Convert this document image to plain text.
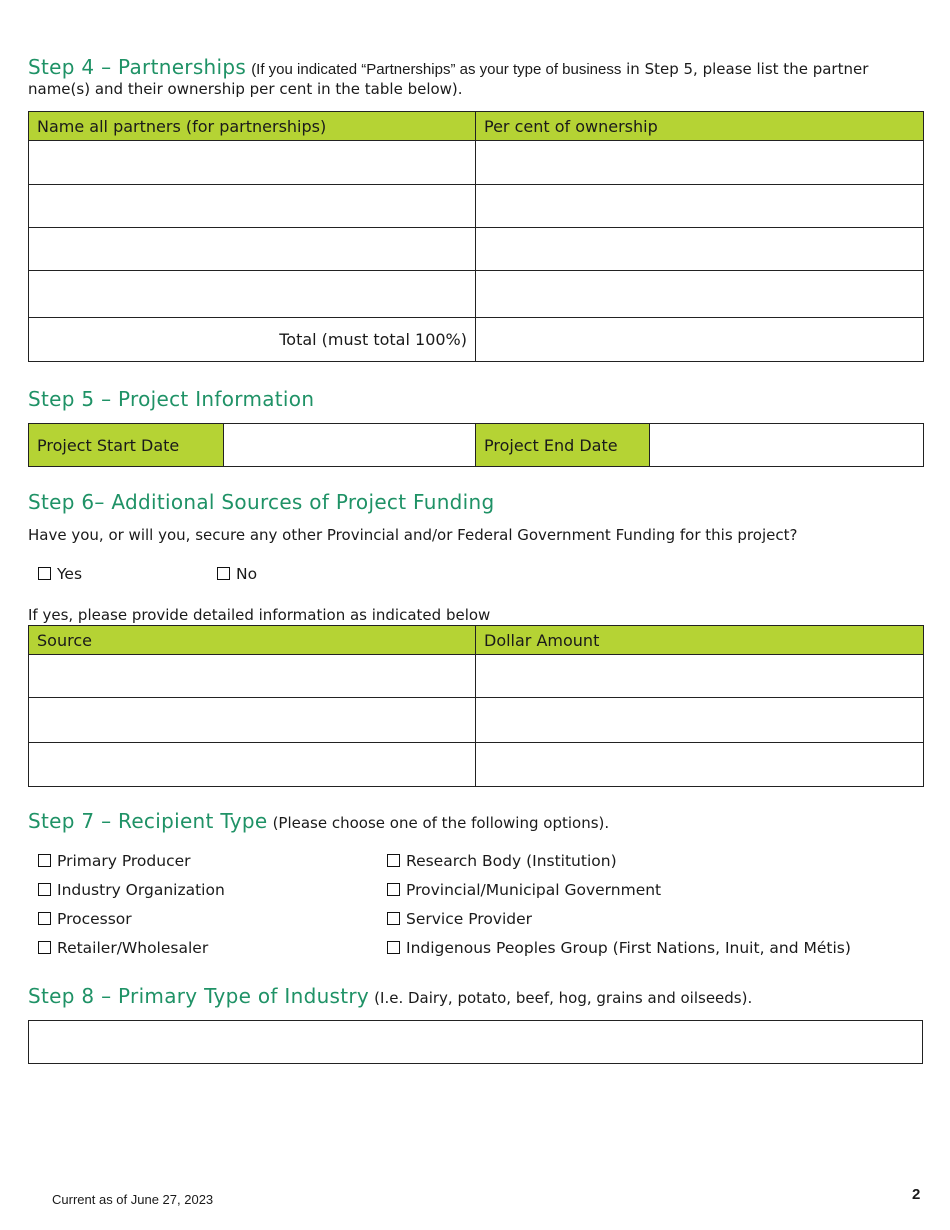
Step 4 – Partnerships (If you indicated “Partnerships” as your type of business in Step 5, please list the partner
name(s) and their ownership per cent in the table below).
Name all partners (for partnerships)	Per cent of ownership

Total (must total 100%)	
Step 5 – Project Information
Project Start Date		Project End Date	
Step 6– Additional Sources of Project Funding
Have you, or will you, secure any other Provincial and/or Federal Government Funding for this project?
Yes	No
If yes, please provide detailed information as indicated below
Source	Dollar Amount

Step 7 – Recipient Type (Please choose one of the following options).
Primary Producer
Industry Organization
Processor
Retailer/Wholesaler
Research Body (Institution)
Provincial/Municipal Government
Service Provider
Indigenous Peoples Group (First Nations, Inuit, and Métis)
Step 8 – Primary Type of Industry (I.e. Dairy, potato, beef, hog, grains and oilseeds).
Current as of June 27, 2023	2
